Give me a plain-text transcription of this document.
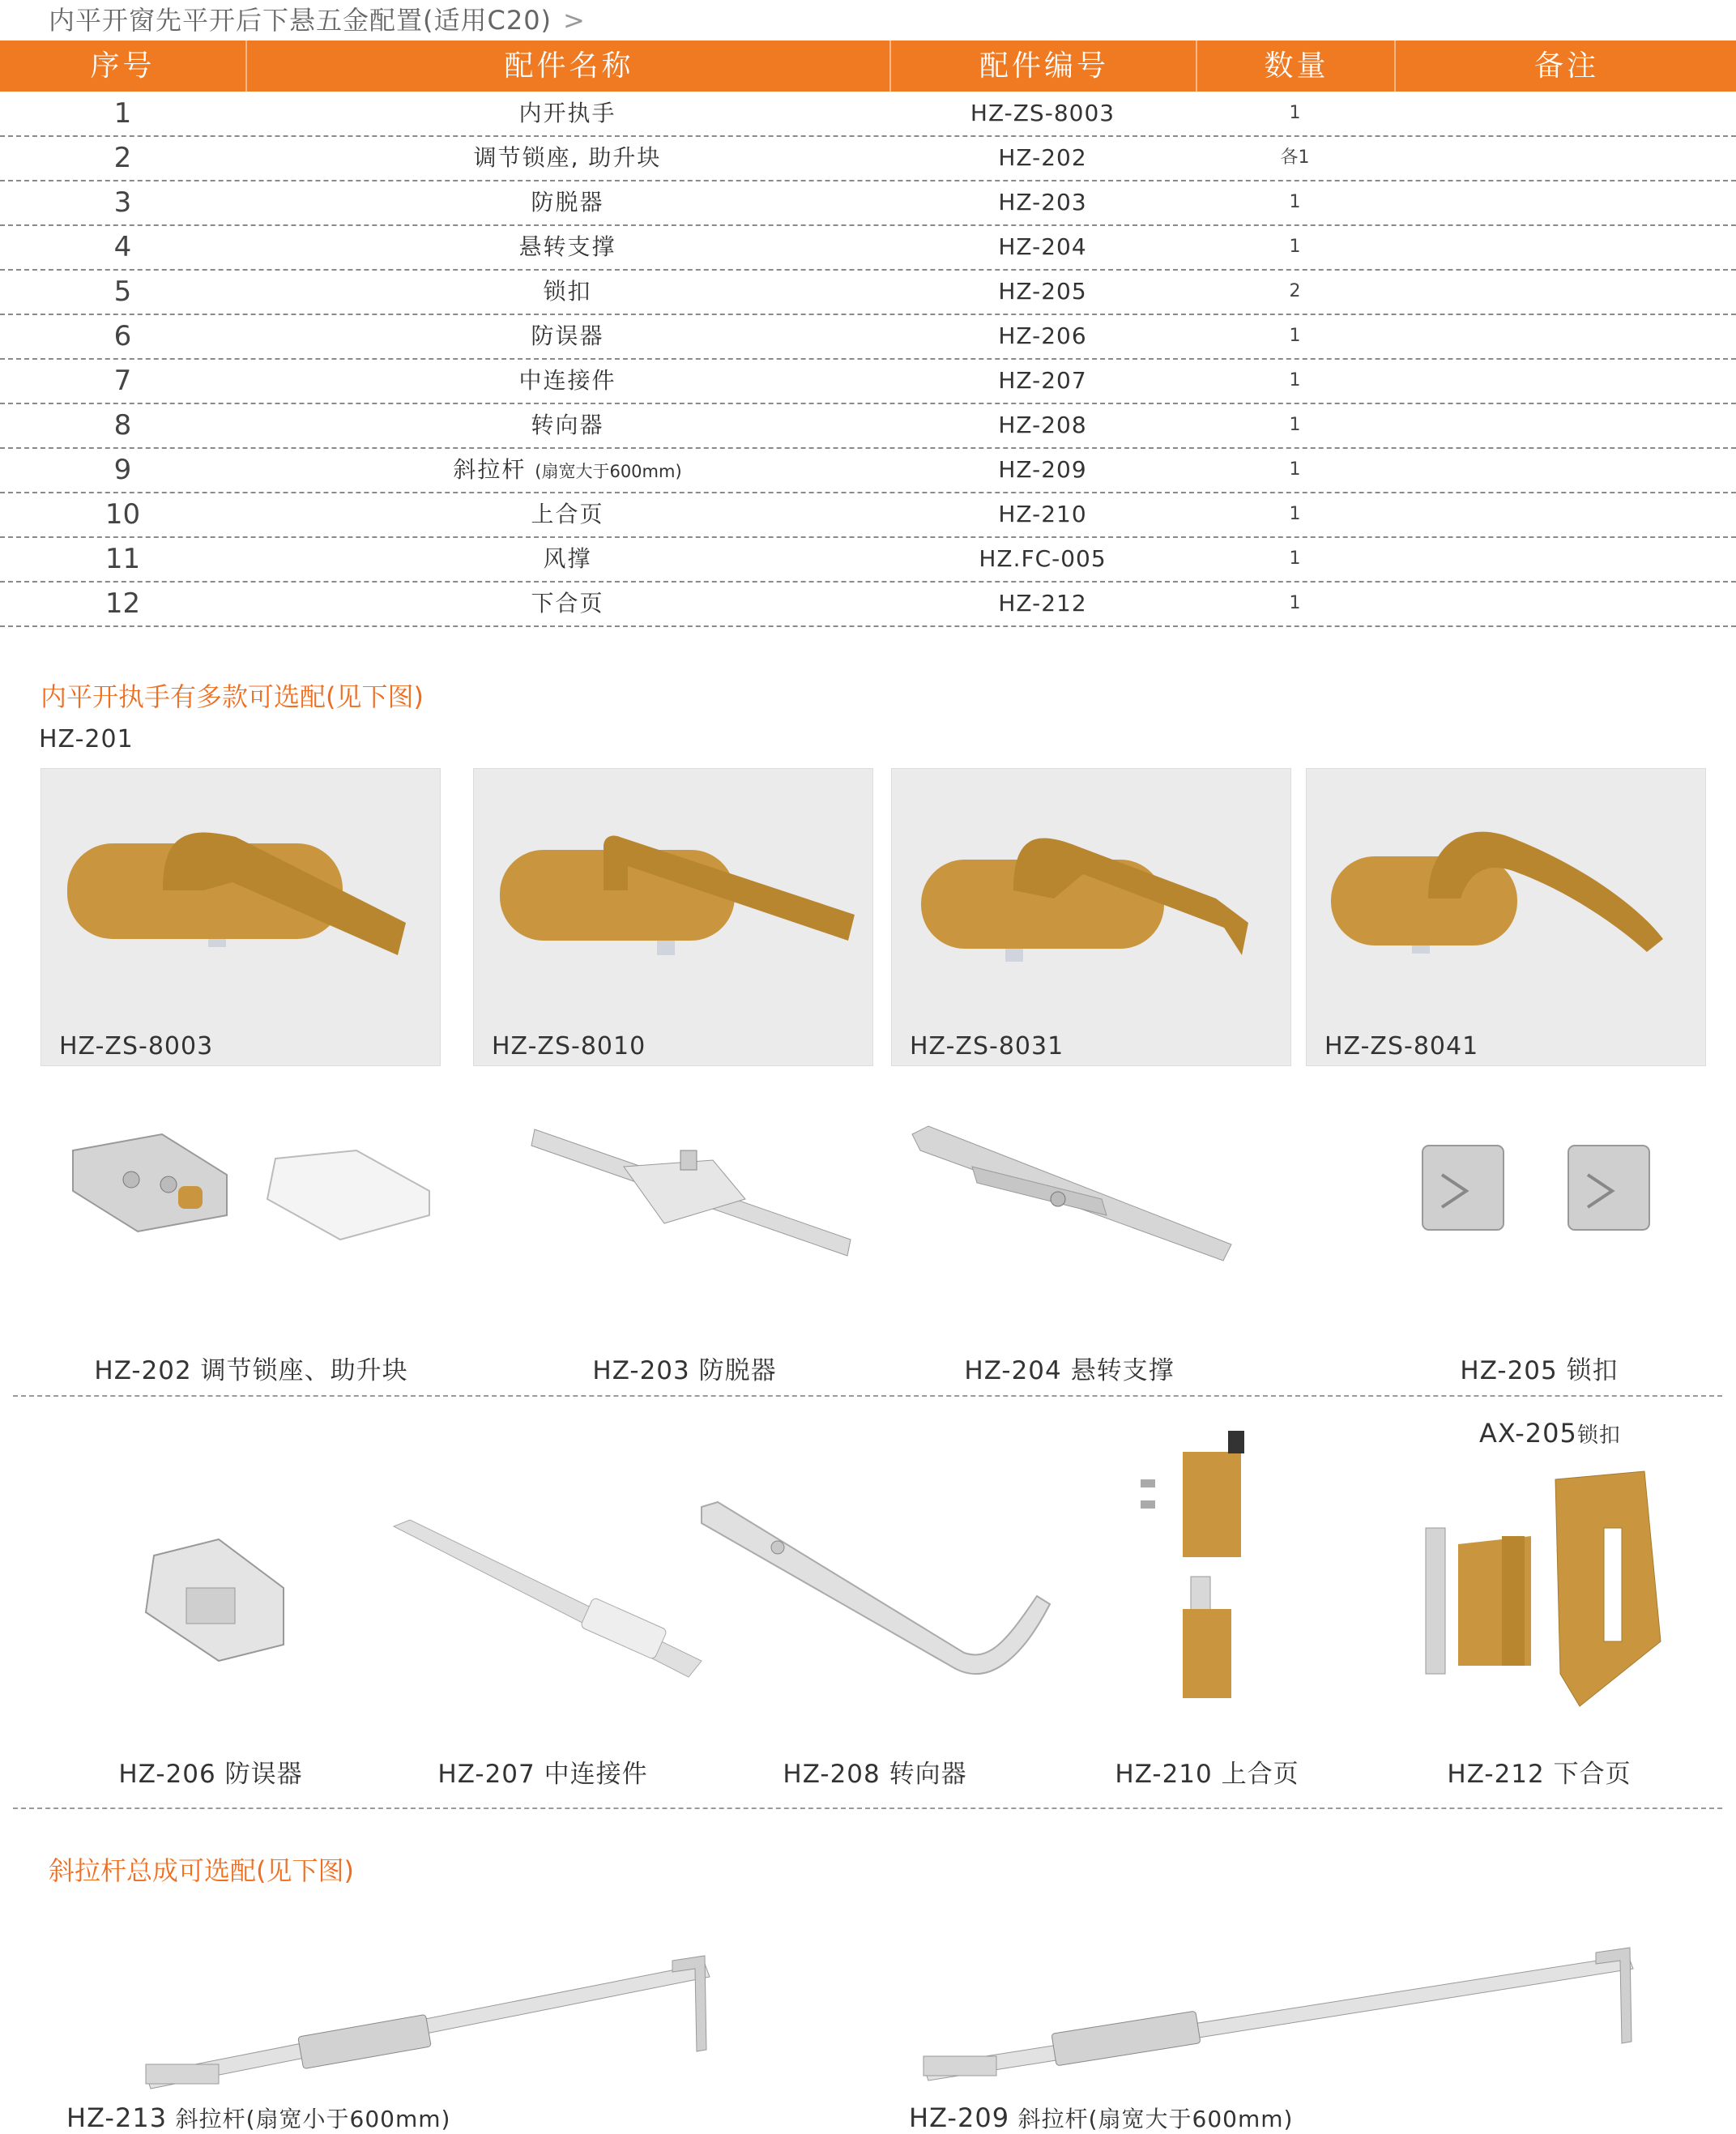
内平开窗先平开后下悬五金配置(适用C20) >
序号	配件名称	配件编号	数量	备注
1	内开执手	HZ-ZS-8003	1
2	调节锁座, 助升块	HZ-202	各1
3	防脱器	HZ-203	1
4	悬转支撑	HZ-204	1
5	锁扣	HZ-205	2
6	防误器	HZ-206	1
7	中连接件	HZ-207	1
8	转向器	HZ-208	1
9	斜拉杆 (扇宽大于600mm)	HZ-209	1
10	上合页	HZ-210	1
11	风撑	HZ.FC-005	1
12	下合页	HZ-212	1
内平开执手有多款可选配(见下图)
HZ-201
HZ-ZS-8003	HZ-ZS-8010	HZ-ZS-8031	HZ-ZS-8041
HZ-202 调节锁座、助升块	HZ-203 防脱器	HZ-204 悬转支撑	HZ-205 锁扣
AX-205锁扣
HZ-206 防误器	HZ-207 中连接件	HZ-208 转向器	HZ-210 上合页	HZ-212 下合页
斜拉杆总成可选配(见下图)
HZ-213 斜拉杆(扇宽小于600mm)	HZ-209 斜拉杆(扇宽大于600mm)
